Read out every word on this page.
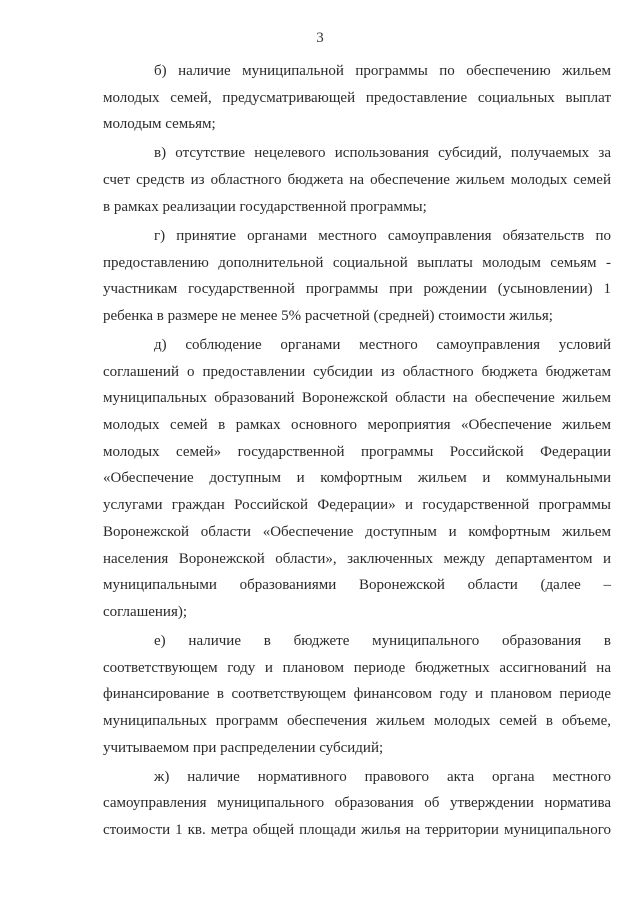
3

б) наличие муниципальной программы по обеспечению жильем
молодых семей, предусматривающей предоставление социальных выплат
молодым семьям;

в) отсутствие нецелевого использования субсидий, получаемых за
счет средств из областного бюджета на обеспечение жильем молодых семей
в рамках реализации государственной программы;

г) принятие органами местного самоуправления обязательств по
предоставлению дополнительной социальной выплаты молодым семьям -
участникам государственной программы при рождении (усыновлении) 1
ребенка в размере не менее 5% расчетной (средней) стоимости жилья;

д) соблюдение органами местного самоуправления условий
соглашений о предоставлении субсидии из областного бюджета бюджетам
муниципальных образований Воронежской области на обеспечение жильем
молодых семей в рамках основного мероприятия «Обеспечение жильем
молодых семей» государственной программы Российской Федерации
«Обеспечение доступным и комфортным жильем и коммунальными
услугами граждан Российской Федерации» и государственной программы
Воронежской области «Обеспечение доступным и комфортным жильем
населения Воронежской области», заключенных между департаментом и
муниципальными образованиями Воронежской области (далее –
соглашения);

е) наличие в бюджете муниципального образования в
соответствующем году и плановом периоде бюджетных ассигнований на
финансирование в соответствующем финансовом году и плановом периоде
муниципальных программ обеспечения жильем молодых семей в объеме,
учитываемом при распределении субсидий;

ж) наличие нормативного правового акта органа местного
самоуправления муниципального образования об утверждении норматива
стоимости 1 кв. метра общей площади жилья на территории муниципального
